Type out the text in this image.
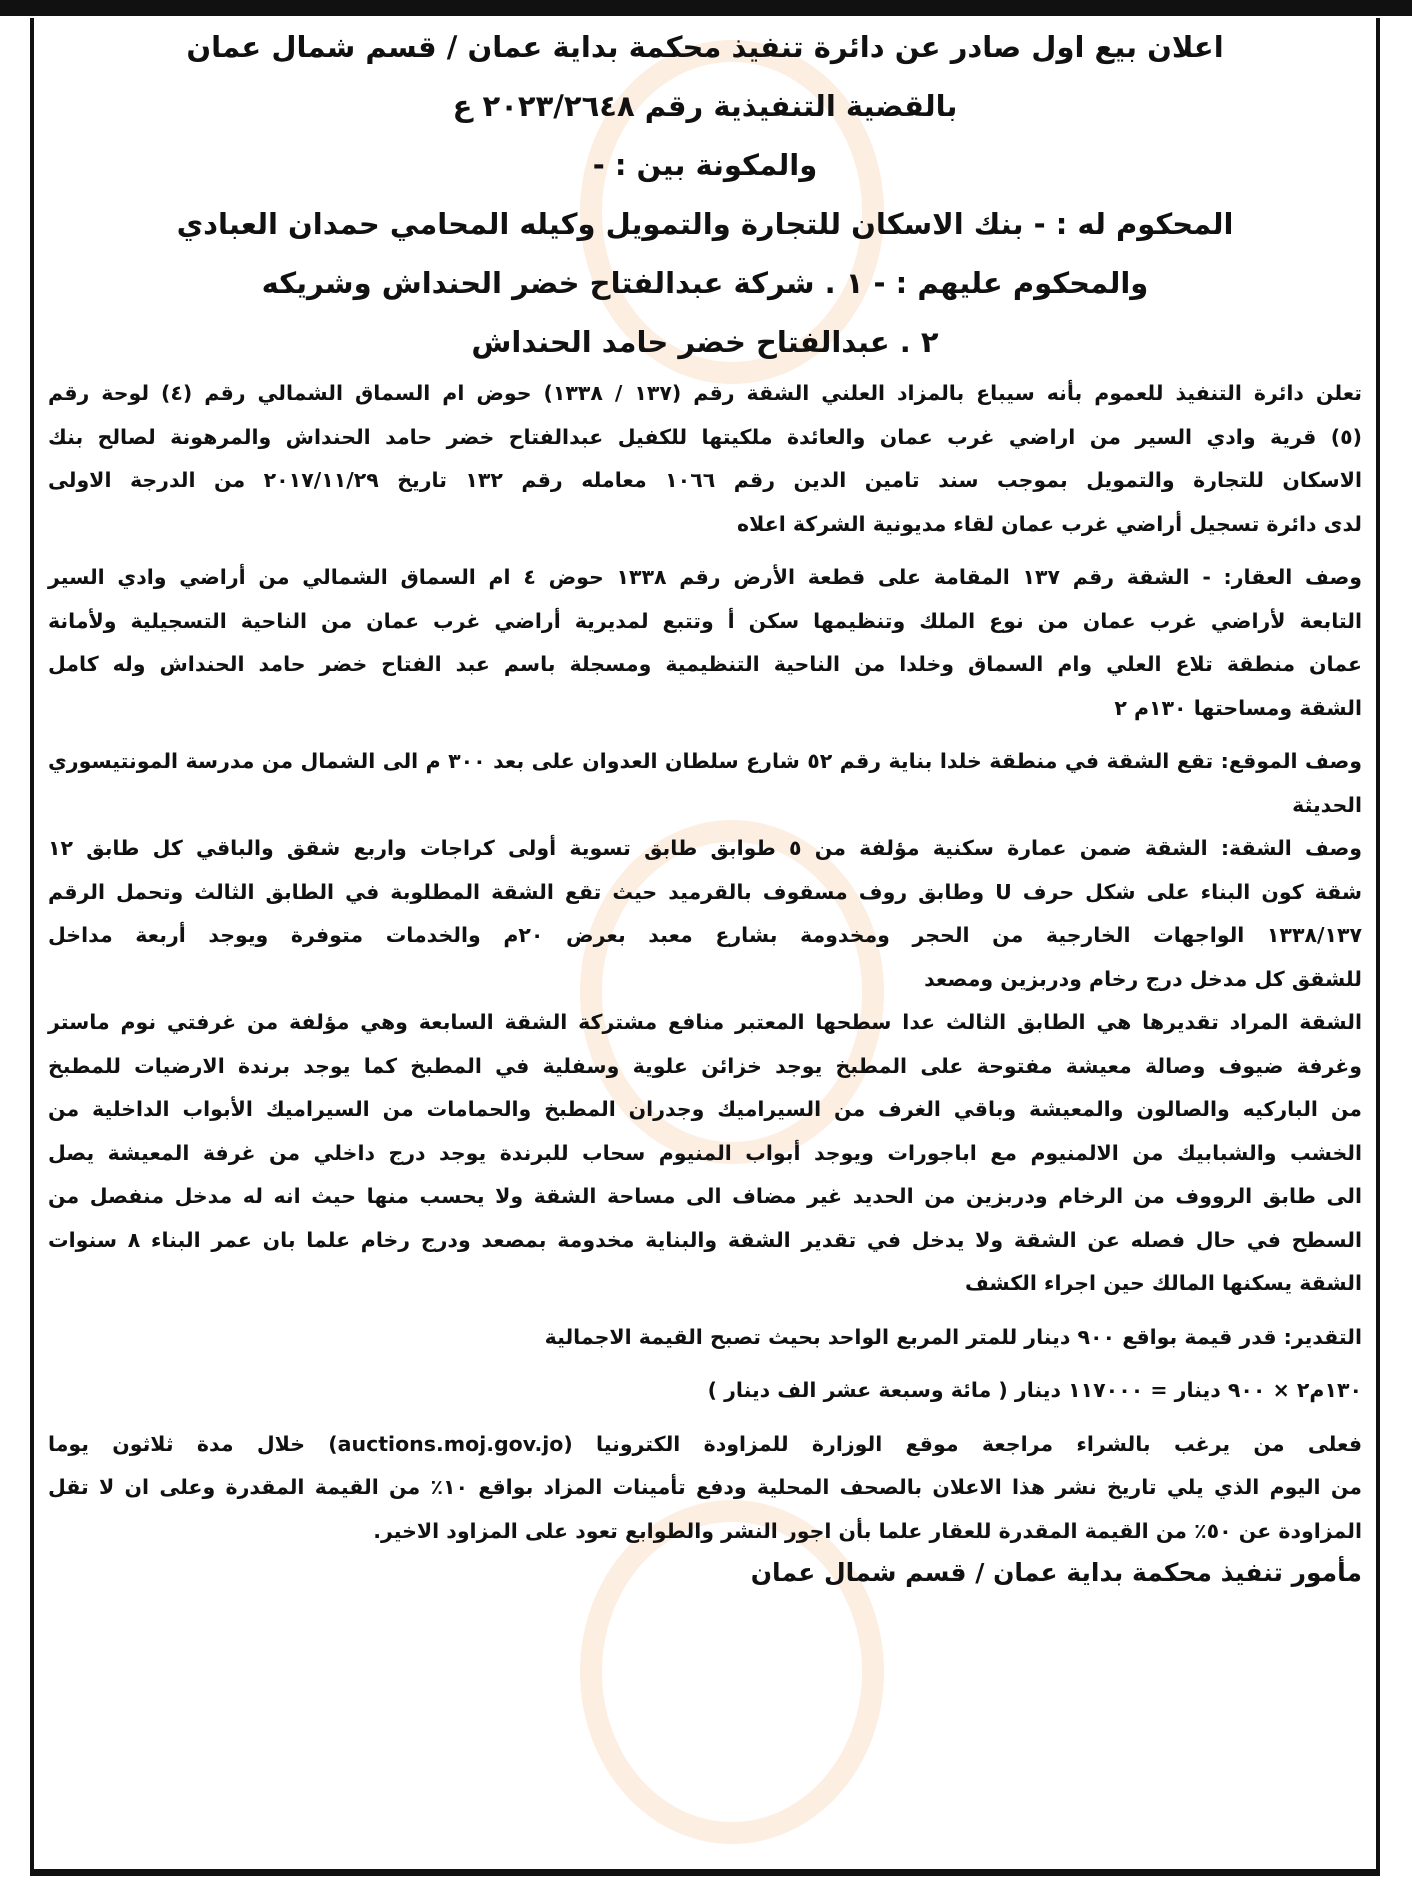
اعلان بيع اول صادر عن دائرة تنفيذ محكمة بداية عمان / قسم شمال عمان
بالقضية التنفيذية رقم ٢٠٢٣/٢٦٤٨ ع
والمكونة بين : -
المحكوم له : - بنك الاسكان للتجارة والتمويل وكيله المحامي حمدان العبادي
والمحكوم عليهم : - ١ . شركة عبدالفتاح خضر الحنداش وشريكه
٢ . عبدالفتاح خضر حامد الحنداش
تعلن دائرة التنفيذ للعموم بأنه سيباع بالمزاد العلني الشقة رقم (١٣٧ / ١٣٣٨) حوض ام السماق الشمالي رقم (٤) لوحة رقم
(٥) قرية وادي السير من اراضي غرب عمان والعائدة ملكيتها للكفيل عبدالفتاح خضر حامد الحنداش والمرهونة لصالح بنك
الاسكان للتجارة والتمويل بموجب سند تامين الدين رقم ١٠٦٦ معامله رقم ١٣٢ تاريخ ٢٠١٧/١١/٢٩ من الدرجة الاولى
لدى دائرة تسجيل أراضي غرب عمان لقاء مديونية الشركة اعلاه
وصف العقار: - الشقة رقم ١٣٧ المقامة على قطعة الأرض رقم ١٣٣٨ حوض ٤ ام السماق الشمالي من أراضي وادي السير
التابعة لأراضي غرب عمان من نوع الملك وتنظيمها سكن أ وتتبع لمديرية أراضي غرب عمان من الناحية التسجيلية ولأمانة
عمان منطقة تلاع العلي وام السماق وخلدا من الناحية التنظيمية ومسجلة باسم عبد الفتاح خضر حامد الحنداش وله كامل
الشقة ومساحتها ١٣٠م ٢
وصف الموقع: تقع الشقة في منطقة خلدا بناية رقم ٥٢ شارع سلطان العدوان على بعد ٣٠٠ م الى الشمال من مدرسة المونتيسوري
الحديثة
وصف الشقة: الشقة ضمن عمارة سكنية مؤلفة من ٥ طوابق طابق تسوية أولى كراجات واربع شقق والباقي كل طابق ١٢
شقة كون البناء على شكل حرف U وطابق روف مسقوف بالقرميد حيث تقع الشقة المطلوبة في الطابق الثالث وتحمل الرقم
١٣٣٨/١٣٧ الواجهات الخارجية من الحجر ومخدومة بشارع معبد بعرض ٢٠م والخدمات متوفرة ويوجد أربعة مداخل
للشقق كل مدخل درج رخام ودربزين ومصعد
الشقة المراد تقديرها هي الطابق الثالث عدا سطحها المعتبر منافع مشتركة الشقة السابعة وهي مؤلفة من غرفتي نوم ماستر
وغرفة ضيوف وصالة معيشة مفتوحة على المطبخ يوجد خزائن علوية وسفلية في المطبخ كما يوجد برندة الارضيات للمطبخ
من الباركيه والصالون والمعيشة وباقي الغرف من السيراميك وجدران المطبخ والحمامات من السيراميك الأبواب الداخلية من
الخشب والشبابيك من الالمنيوم مع اباجورات ويوجد أبواب المنيوم سحاب للبرندة يوجد درج داخلي من غرفة المعيشة يصل
الى طابق الرووف من الرخام ودربزين من الحديد غير مضاف الى مساحة الشقة ولا يحسب منها حيث انه له مدخل منفصل من
السطح في حال فصله عن الشقة ولا يدخل في تقدير الشقة والبناية مخدومة بمصعد ودرج رخام علما بان عمر البناء ٨ سنوات
الشقة يسكنها المالك حين اجراء الكشف
التقدير: قدر قيمة بواقع ٩٠٠ دينار للمتر المربع الواحد بحيث تصبح القيمة الاجمالية
١٣٠م٢ × ٩٠٠ دينار = ١١٧٠٠٠ دينار ( مائة وسبعة عشر الف دينار )
فعلى من يرغب بالشراء مراجعة موقع الوزارة للمزاودة الكترونيا (auctions.moj.gov.jo) خلال مدة ثلاثون يوما
من اليوم الذي يلي تاريخ نشر هذا الاعلان بالصحف المحلية ودفع تأمينات المزاد بواقع ١٠٪ من القيمة المقدرة وعلى ان لا تقل
المزاودة عن ٥٠٪ من القيمة المقدرة للعقار علما بأن اجور النشر والطوابع تعود على المزاود الاخير.
مأمور تنفيذ محكمة بداية عمان / قسم شمال عمان
